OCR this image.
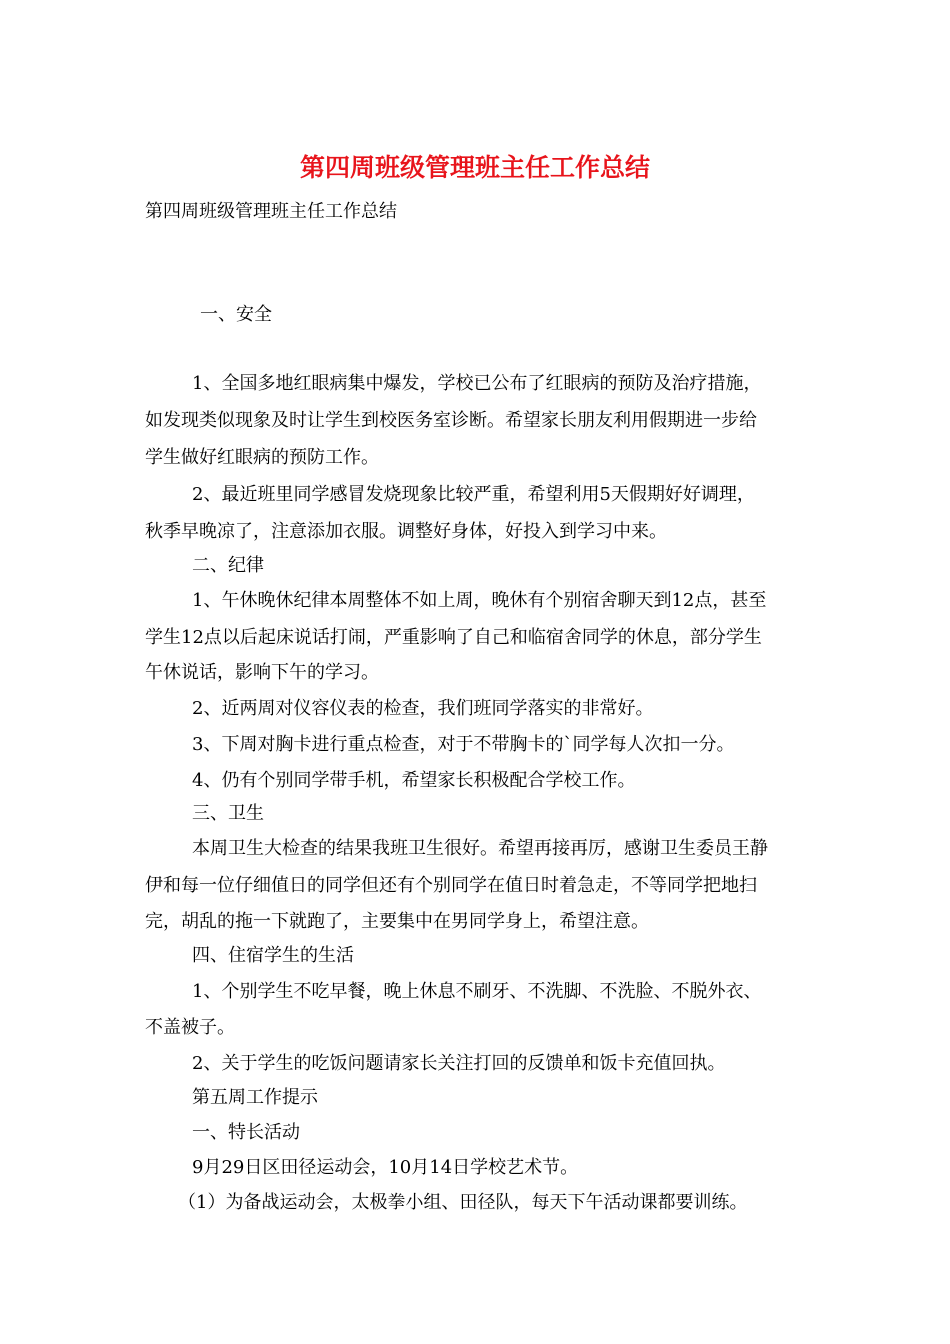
第四周班级管理班主任工作总结
第四周班级管理班主任工作总结
一、安全
1、全国多地红眼病集中爆发，学校已公布了红眼病的预防及治疗措施，
如发现类似现象及时让学生到校医务室诊断。希望家长朋友利用假期进一步给
学生做好红眼病的预防工作。
2、最近班里同学感冒发烧现象比较严重，希望利用5天假期好好调理，
秋季早晚凉了，注意添加衣服。调整好身体，好投入到学习中来。
二、纪律
1、午休晚休纪律本周整体不如上周，晚休有个别宿舍聊天到12点，甚至
学生12点以后起床说话打闹，严重影响了自己和临宿舍同学的休息，部分学生
午休说话，影响下午的学习。
2、近两周对仪容仪表的检查，我们班同学落实的非常好。
3、下周对胸卡进行重点检查，对于不带胸卡的`同学每人次扣一分。
4、仍有个别同学带手机，希望家长积极配合学校工作。
三、卫生
本周卫生大检查的结果我班卫生很好。希望再接再厉，感谢卫生委员王静
伊和每一位仔细值日的同学但还有个别同学在值日时着急走，不等同学把地扫
完，胡乱的拖一下就跑了，主要集中在男同学身上，希望注意。
四、住宿学生的生活
1、个别学生不吃早餐，晚上休息不刷牙、不洗脚、不洗脸、不脱外衣、
不盖被子。
2、关于学生的吃饭问题请家长关注打回的反馈单和饭卡充值回执。
第五周工作提示
一、特长活动
9月29日区田径运动会，10月14日学校艺术节。
（1）为备战运动会，太极拳小组、田径队，每天下午活动课都要训练。
